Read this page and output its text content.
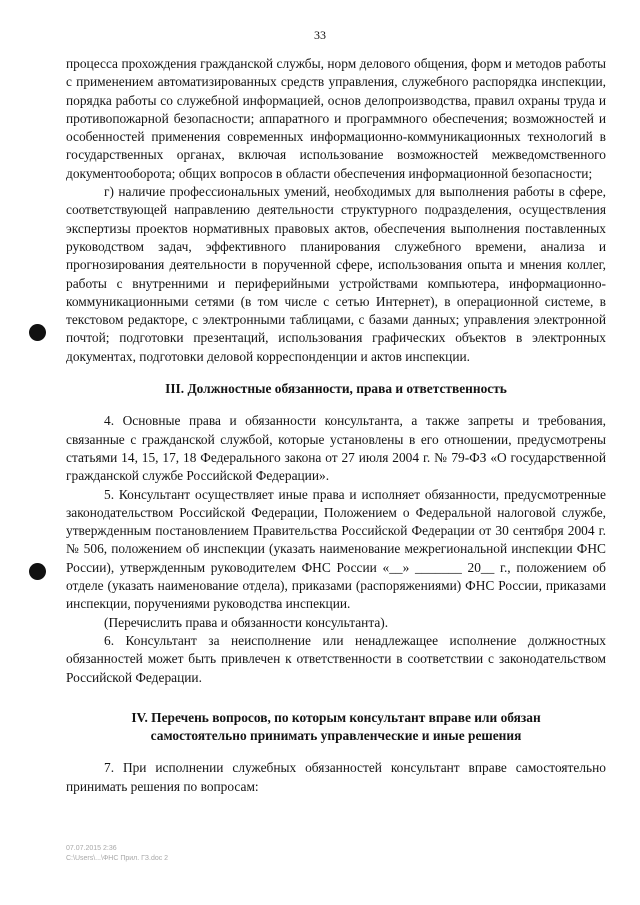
33

процесса прохождения гражданской службы, норм делового общения, форм и методов работы с применением автоматизированных средств управления, служебного распорядка инспекции, порядка работы со служебной информацией, основ делопроизводства, правил охраны труда и противопожарной безопасности; аппаратного и программного обеспечения; возможностей и особенностей применения современных информационно-коммуникационных технологий в государственных органах, включая использование возможностей межведомственного документооборота; общих вопросов в области обеспечения информационной безопасности;

г) наличие профессиональных умений, необходимых для выполнения работы в сфере, соответствующей направлению деятельности структурного подразделения, осуществления экспертизы проектов нормативных правовых актов, обеспечения выполнения поставленных руководством задач, эффективного планирования служебного времени, анализа и прогнозирования деятельности в порученной сфере, использования опыта и мнения коллег, работы с внутренними и периферийными устройствами компьютера, информационно-коммуникационными сетями (в том числе с сетью Интернет), в операционной системе, в текстовом редакторе, с электронными таблицами, с базами данных; управления электронной почтой; подготовки презентаций, использования графических объектов в электронных документах, подготовки деловой корреспонденции и актов инспекции.

III. Должностные обязанности, права и ответственность

4. Основные права и обязанности консультанта, а также запреты и требования, связанные с гражданской службой, которые установлены в его отношении, предусмотрены статьями 14, 15, 17, 18 Федерального закона от 27 июля 2004 г. № 79-ФЗ «О государственной гражданской службе Российской Федерации».

5. Консультант осуществляет иные права и исполняет обязанности, предусмотренные законодательством Российской Федерации, Положением о Федеральной налоговой службе, утвержденным постановлением Правительства Российской Федерации от 30 сентября 2004 г. № 506, положением об инспекции (указать наименование межрегиональной инспекции ФНС России), утвержденным руководителем ФНС России «__» _______ 20__ г., положением об отделе (указать наименование отдела), приказами (распоряжениями) ФНС России, приказами инспекции, поручениями руководства инспекции.

(Перечислить права и обязанности консультанта).

6. Консультант за неисполнение или ненадлежащее исполнение должностных обязанностей может быть привлечен к ответственности в соответствии с законодательством Российской Федерации.

IV. Перечень вопросов, по которым консультант вправе или обязан
самостоятельно принимать управленческие и иные решения

7. При исполнении служебных обязанностей консультант вправе самостоятельно принимать решения по вопросам:

07.07.2015 2:36
С:\Users\...\ФНС Прил. ГЗ.doc 2
